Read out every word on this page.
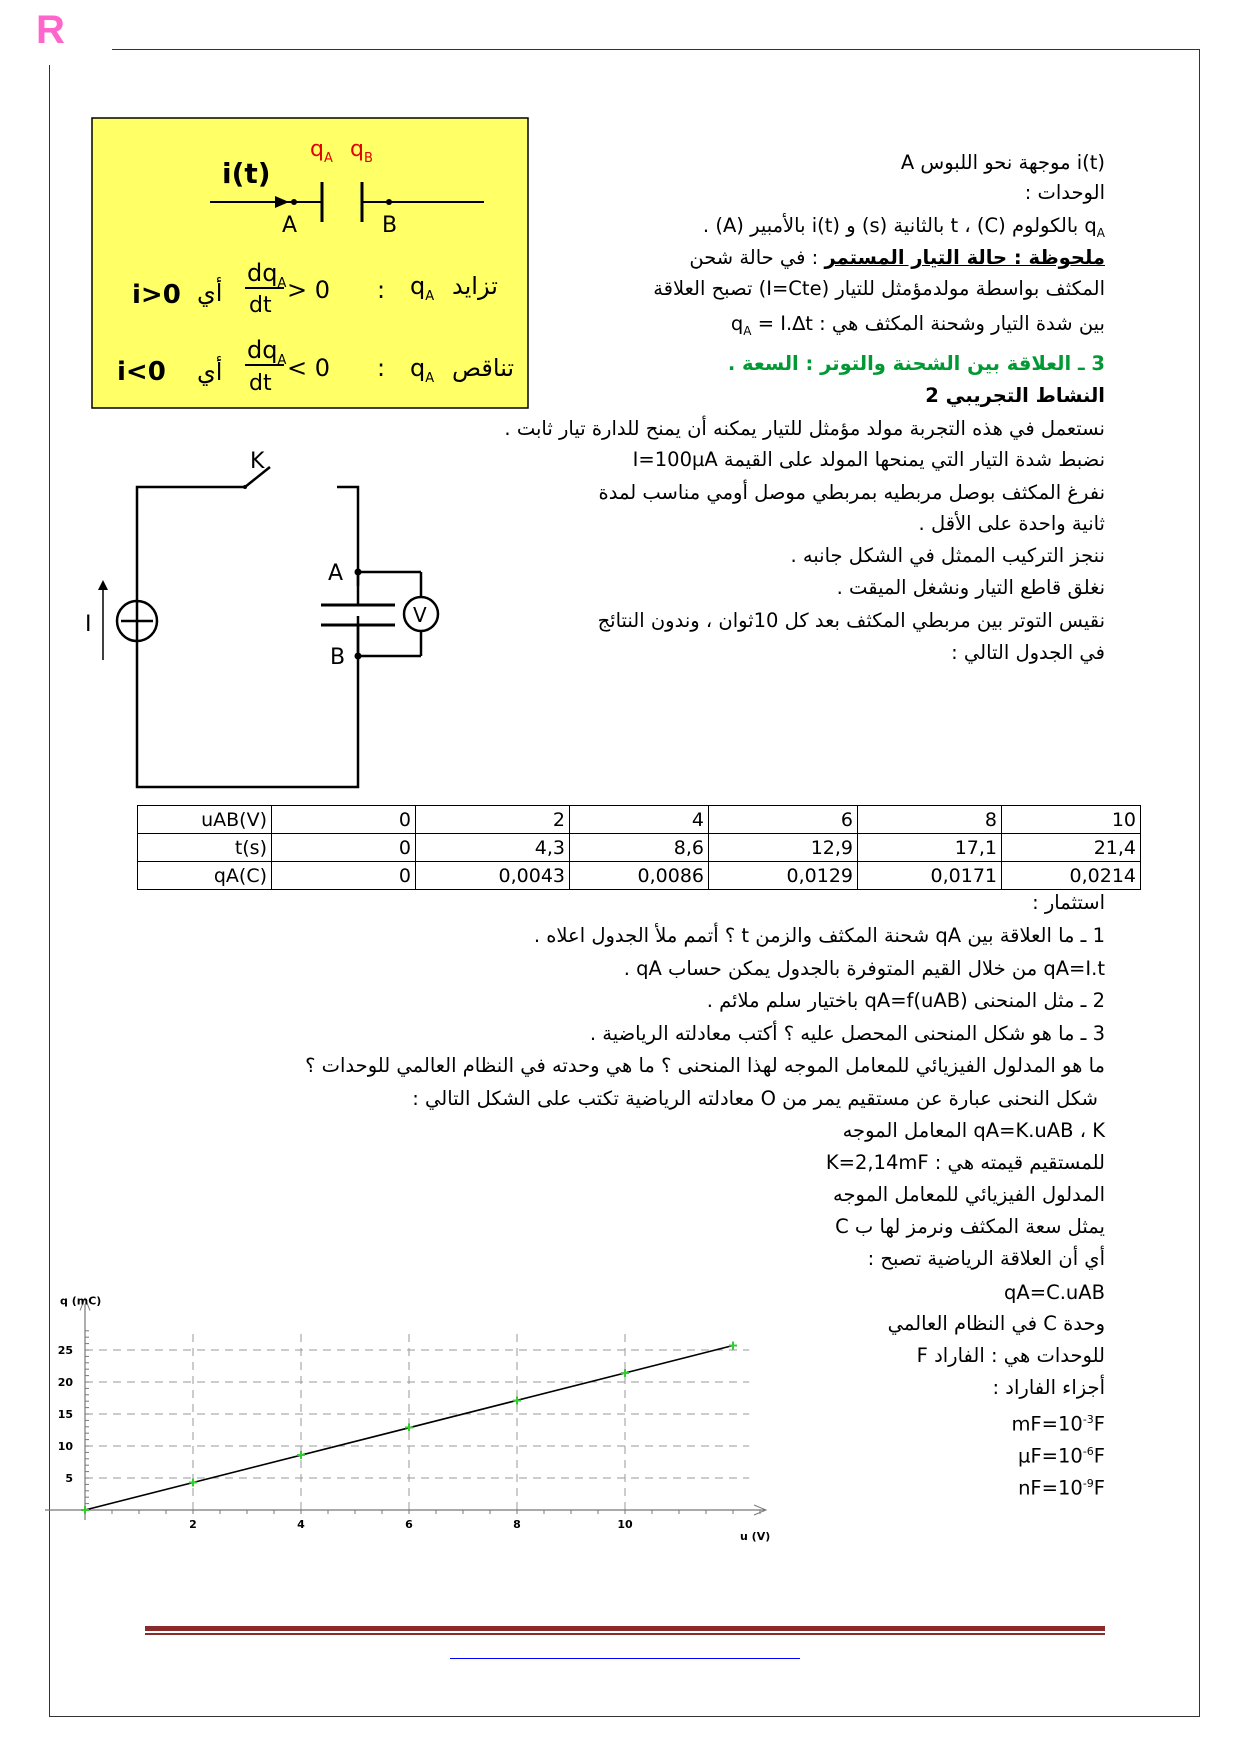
R
i(t)
$q_A$ $q_B$
A	B
i>0 أي
$dq_A$
dt
> 0 : $q_A$ تزايد
i<0 أي
$dq_A$
dt
< 0 : $q_A$ تناقص
K
A
B
V
I
i(t) موجهة نحو اللبوس A
الوحدات :
$q_A$ بالكولوم (C) ، t بالثانية (s) و i(t) بالأمبير (A) .
ملحوظة : حالة التيار المستمر : في حالة شحن
المكثف بواسطة مولدمؤمثل للتيار (I=Cte) تصبح العلاقة
بين شدة التيار وشحنة المكثف هي : $q_A = I.\Delta t$
3 ـ العلاقة بين الشحنة والتوتر : السعة .
النشاط التجريبي 2
نستعمل في هذه التجربة مولد مؤمثل للتيار يمكنه أن يمنح للدارة تيار ثابت .
نضبط شدة التيار التي يمنحها المولد على القيمة I=100µA
نفرغ المكثف بوصل مربطيه بمربطي موصل أومي مناسب لمدة
ثانية واحدة على الأقل .
ننجز التركيب الممثل في الشكل جانبه .
نغلق قاطع التيار ونشغل الميقت .
نقيس التوتر بين مربطي المكثف بعد كل 10ثوان ، وندون النتائج
في الجدول التالي :
uAB(V)	0	2	4	6	8	10
t(s)	0	4,3	8,6	12,9	17,1	21,4
qA(C)	0	0,0043	0,0086	0,0129	0,0171	0,0214
استثمار :
1 ـ ما العلاقة بين qA شحنة المكثف والزمن t ؟ أتمم ملأ الجدول اعلاه .
qA=I.t من خلال القيم المتوفرة بالجدول يمكن حساب qA .
2 ـ مثل المنحنى qA=f(uAB) باختيار سلم ملائم .
3 ـ ما هو شكل المنحنى المحصل عليه ؟ أكتب معادلته الرياضية .
ما هو المدلول الفيزيائي للمعامل الموجه لهذا المنحنى ؟ ما هي وحدته في النظام العالمي للوحدات ؟
شكل النحنى عبارة عن مستقيم يمر من O معادلته الرياضية تكتب على الشكل التالي :
qA=K.uAB ، K المعامل الموجه
للمستقيم قيمته هي : K=2,14mF
المدلول الفيزيائي للمعامل الموجه
يمثل سعة المكثف ونرمز لها ب C
أي أن العلاقة الرياضية تصبح :
qA=C.uAB
وحدة C في النظام العالمي
للوحدات هي : الفاراد F
أجزاء الفاراد :
$mF=10^{-3}F$
$\mu F=10^{-6}F$
$nF=10^{-9}F$
2	4	6	8	10
5
10
15
20
25
u (V)
q (mC)
